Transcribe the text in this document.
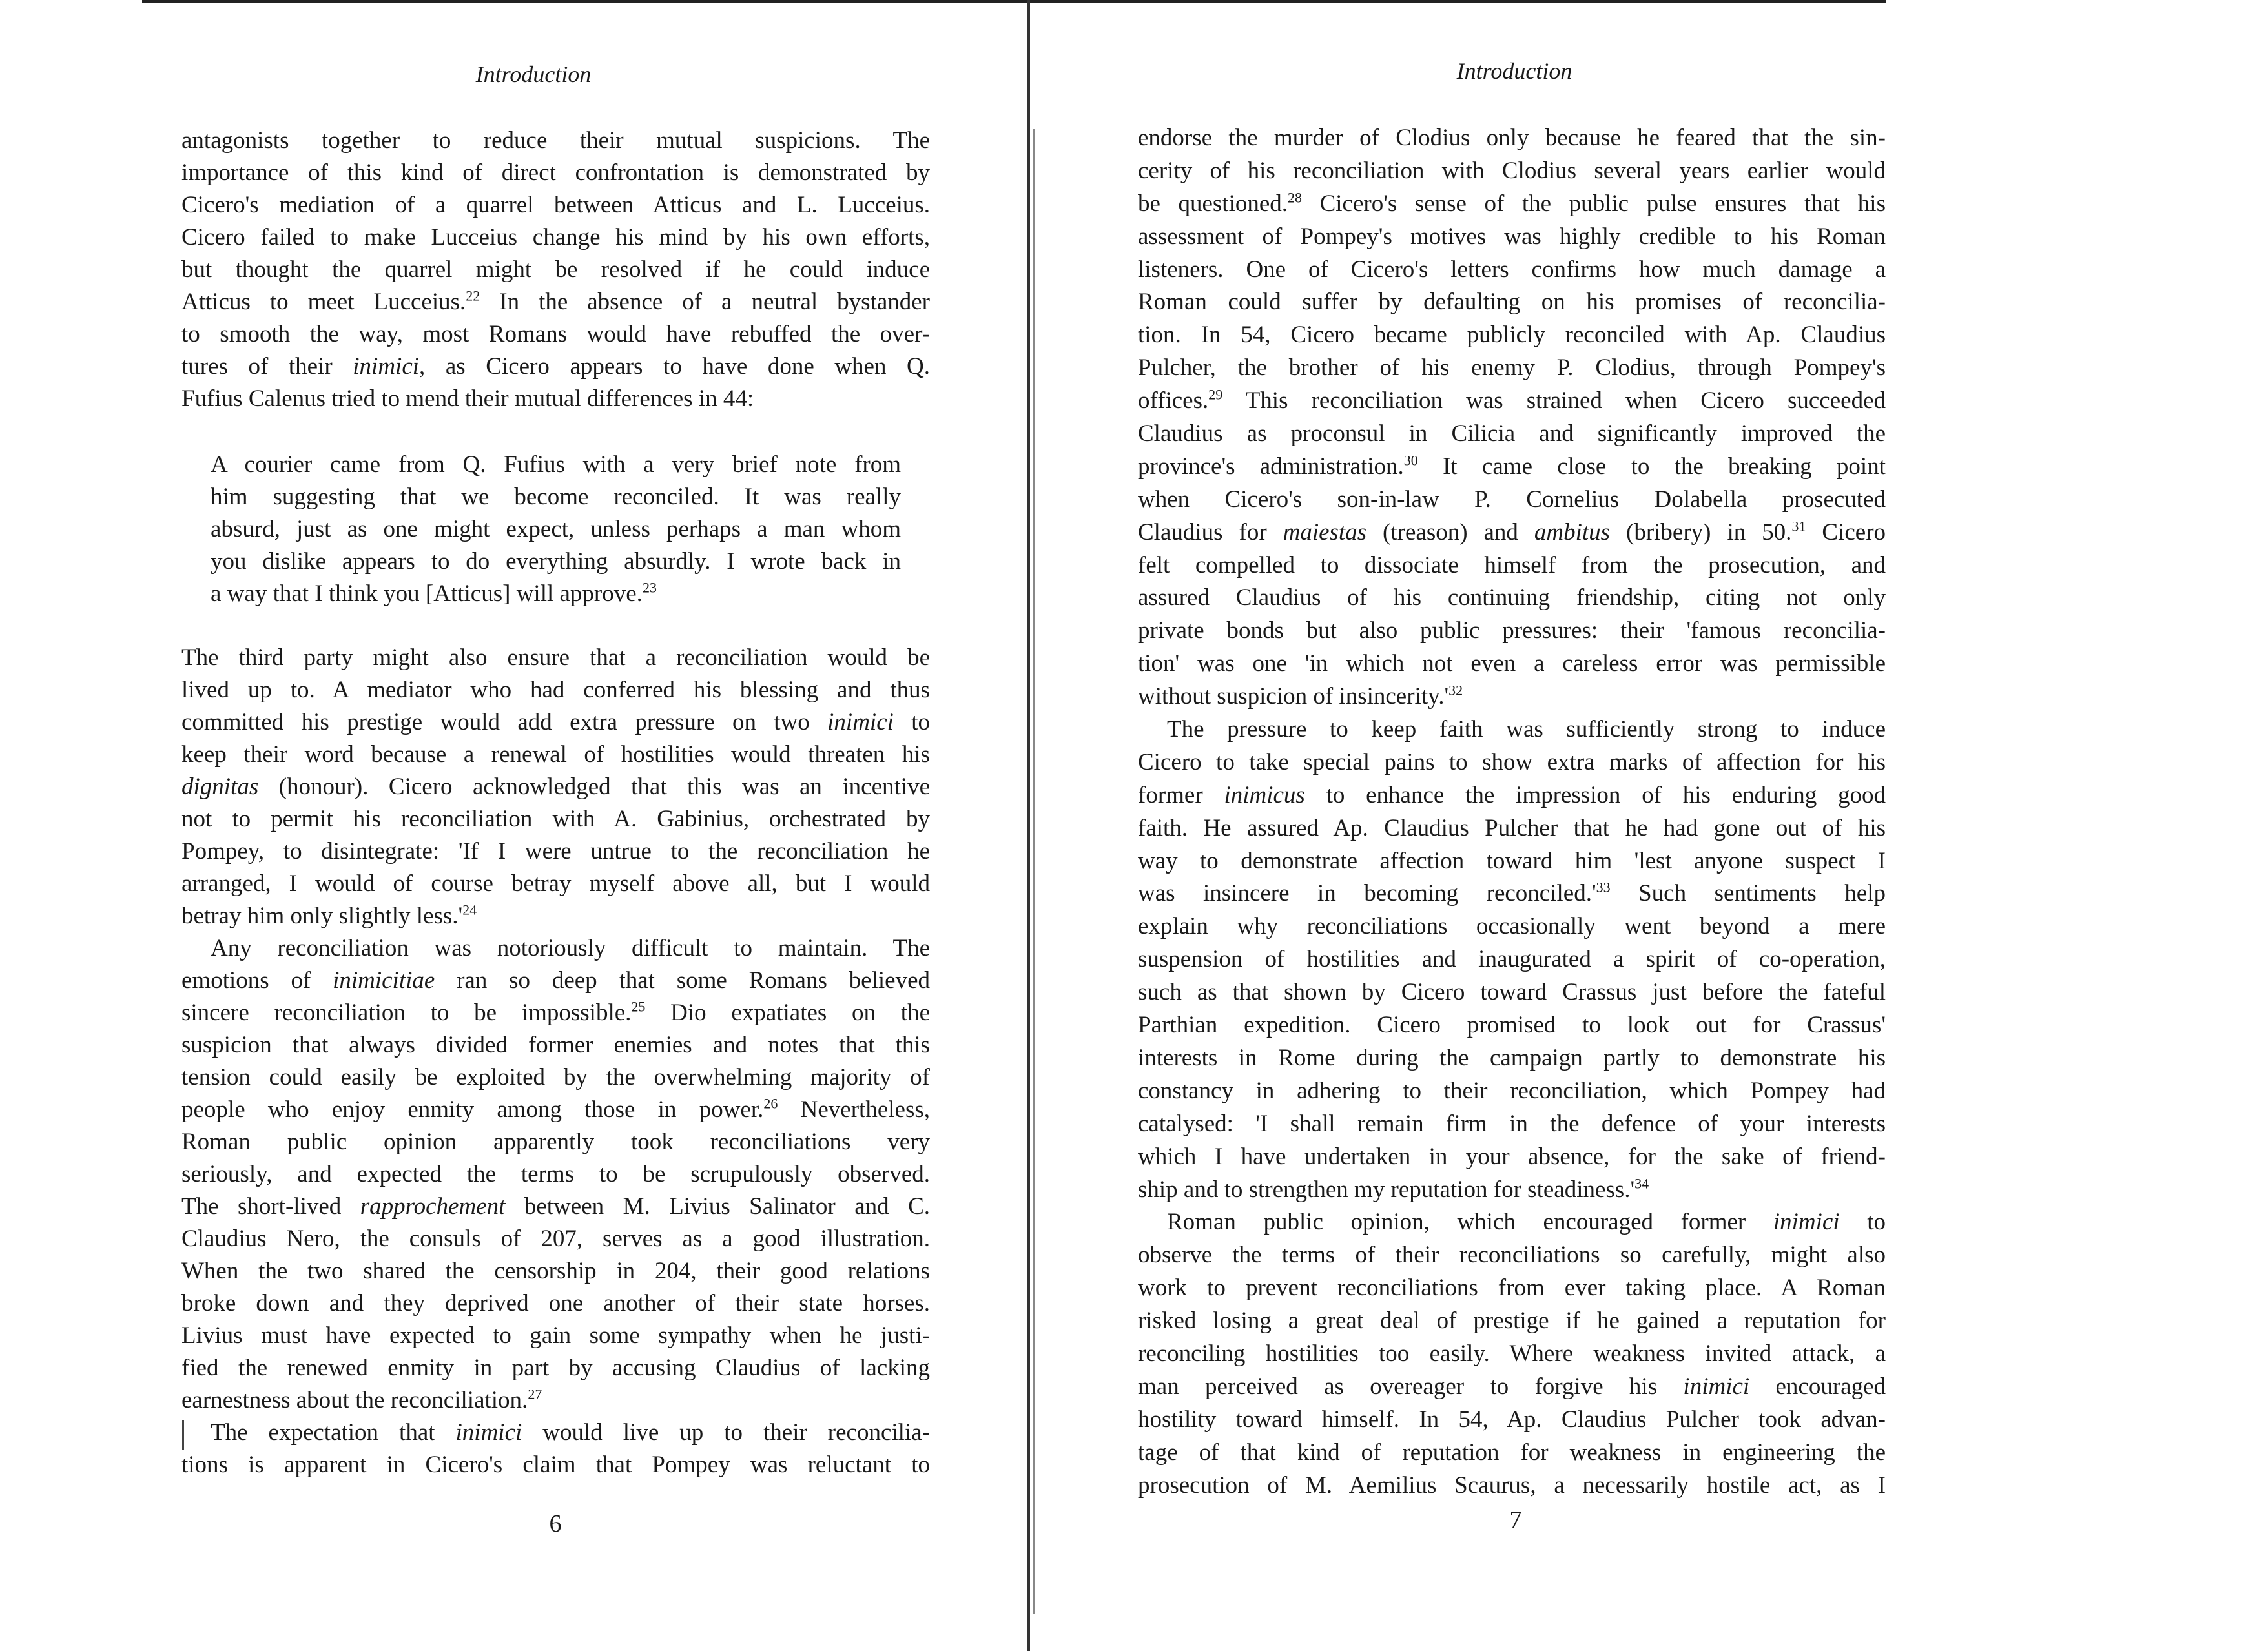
Introduction	Introduction
antagonists together to reduce their mutual suspicions. The
importance of this kind of direct confrontation is demonstrated by
Cicero's mediation of a quarrel between Atticus and L. Lucceius.
Cicero failed to make Lucceius change his mind by his own efforts,
but thought the quarrel might be resolved if he could induce
Atticus to meet Lucceius.$^{22}$ In the absence of a neutral bystander
to smooth the way, most Romans would have rebuffed the over-
tures of their inimici, as Cicero appears to have done when Q.
Fufius Calenus tried to mend their mutual differences in 44:
A courier came from Q. Fufius with a very brief note from
him suggesting that we become reconciled. It was really
absurd, just as one might expect, unless perhaps a man whom
you dislike appears to do everything absurdly. I wrote back in
a way that I think you [Atticus] will approve.$^{23}$
The third party might also ensure that a reconciliation would be
lived up to. A mediator who had conferred his blessing and thus
committed his prestige would add extra pressure on two inimici to
keep their word because a renewal of hostilities would threaten his
dignitas (honour). Cicero acknowledged that this was an incentive
not to permit his reconciliation with A. Gabinius, orchestrated by
Pompey, to disintegrate: 'If I were untrue to the reconciliation he
arranged, I would of course betray myself above all, but I would
betray him only slightly $less.'^{24}$
Any reconciliation was notoriously difficult to maintain. The
emotions of inimicitiae ran so deep that some Romans believed
sincere reconciliation to be impossible.$^{25}$ Dio expatiates on the
suspicion that always divided former enemies and notes that this
tension could easily be exploited by the overwhelming majority of
people who enjoy enmity among those in power.$^{26}$ Nevertheless,
Roman public opinion apparently took reconciliations very
seriously, and expected the terms to be scrupulously observed.
The short-lived rapprochement between M. Livius Salinator and C.
Claudius Nero, the consuls of 207, serves as a good illustration.
When the two shared the censorship in 204, their good relations
broke down and they deprived one another of their state horses.
Livius must have expected to gain some sympathy when he justi-
fied the renewed enmity in part by accusing Claudius of lacking
earnestness about the reconciliation.$^{27}$
The expectation that inimici would live up to their reconcilia-
tions is apparent in Cicero's claim that Pompey was reluctant to
endorse the murder of Clodius only because he feared that the sin-
cerity of his reconciliation with Clodius several years earlier would
be questioned.$^{28}$ Cicero's sense of the public pulse ensures that his
assessment of Pompey's motives was highly credible to his Roman
listeners. One of Cicero's letters confirms how much damage a
Roman could suffer by defaulting on his promises of reconcilia-
tion. In 54, Cicero became publicly reconciled with Ap. Claudius
Pulcher, the brother of his enemy P. Clodius, through Pompey's
offices.$^{29}$ This reconciliation was strained when Cicero succeeded
Claudius as proconsul in Cilicia and significantly improved the
province's administration.$^{30}$ It came close to the breaking point
when Cicero's son-in-law P. Cornelius Dolabella prosecuted
Claudius for maiestas (treason) and ambitus (bribery) in 50.31 Cicero
felt compelled to dissociate himself from the prosecution, and
assured Claudius of his continuing friendship, citing not only
private bonds but also public pressures: their 'famous reconcilia-
tion' was one 'in which not even a careless error was permissible
without suspicion of $insincerity.'^{32}$
The pressure to keep faith was sufficiently strong to induce
Cicero to take special pains to show extra marks of affection for his
former inimicus to enhance the impression of his enduring good
faith. He assured Ap. Claudius Pulcher that he had gone out of his
way to demonstrate affection toward him 'lest anyone suspect I
was insincere in becoming $reconciled.'^{33}$ Such sentiments help
explain why reconciliations occasionally went beyond a mere
suspension of hostilities and inaugurated a spirit of co-operation,
such as that shown by Cicero toward Crassus just before the fateful
Parthian expedition. Cicero promised to look out for Crassus'
interests in Rome during the campaign partly to demonstrate his
constancy in adhering to their reconciliation, which Pompey had
catalysed: 'I shall remain firm in the defence of your interests
which I have undertaken in your absence, for the sake of friend-
ship and to strengthen my reputation for $steadiness.'^{34}$
Roman public opinion, which encouraged former inimici to
observe the terms of their reconciliations so carefully, might also
work to prevent reconciliations from ever taking place. A Roman
risked losing a great deal of prestige if he gained a reputation for
reconciling hostilities too easily. Where weakness invited attack, a
man perceived as overeager to forgive his inimici encouraged
hostility toward himself. In 54, Ap. Claudius Pulcher took advan-
tage of that kind of reputation for weakness in engineering the
prosecution of M. Aemilius Scaurus, a necessarily hostile act, as I
6	7
